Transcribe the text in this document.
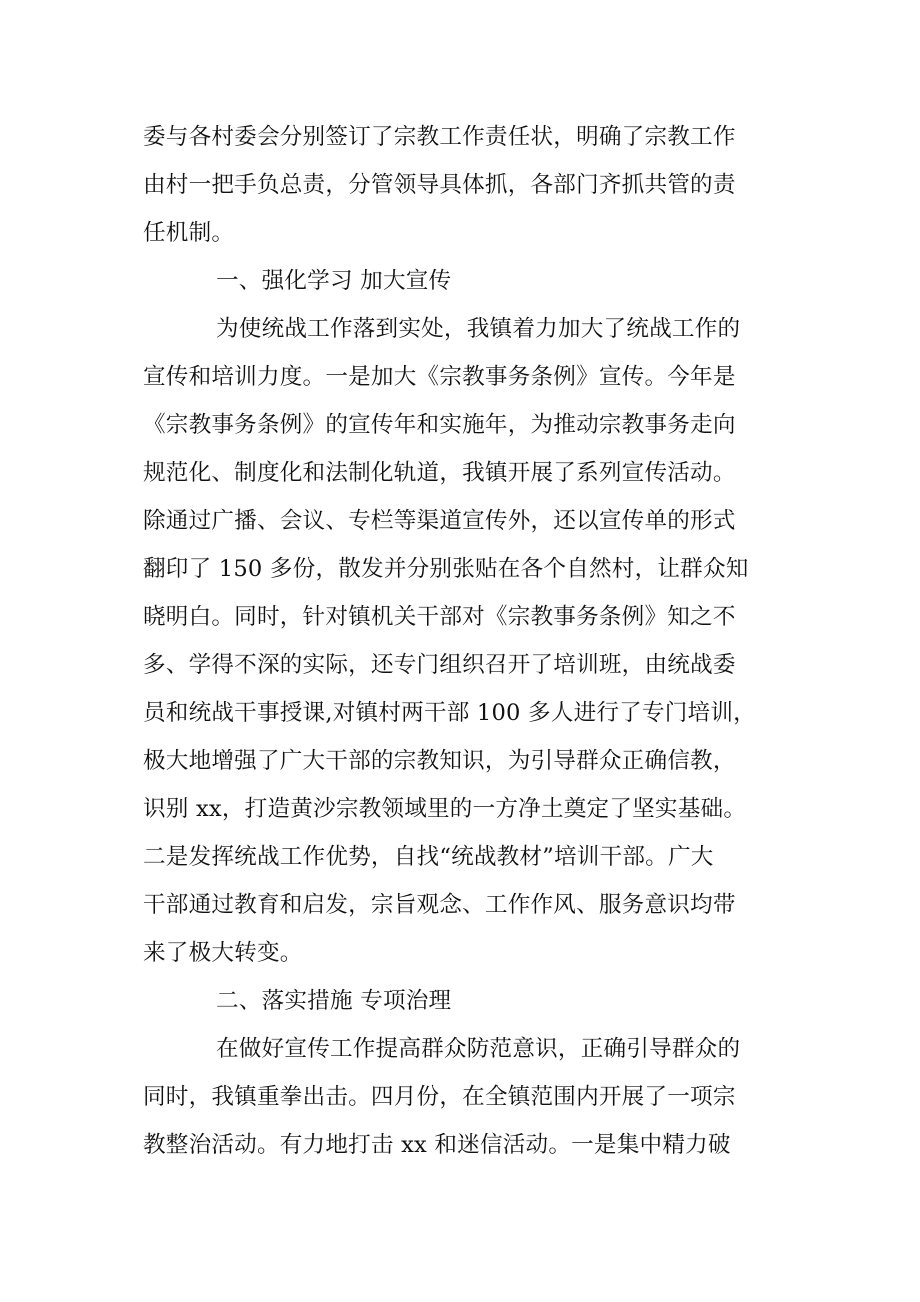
委与各村委会分别签订了宗教工作责任状，明确了宗教工作
由村一把手负总责，分管领导具体抓，各部门齐抓共管的责
任机制。
一、强化学习 加大宣传
为使统战工作落到实处，我镇着力加大了统战工作的
宣传和培训力度。一是加大《宗教事务条例》宣传。今年是
《宗教事务条例》的宣传年和实施年，为推动宗教事务走向
规范化、制度化和法制化轨道，我镇开展了系列宣传活动。
除通过广播、会议、专栏等渠道宣传外，还以宣传单的形式
翻印了 150 多份，散发并分别张贴在各个自然村，让群众知
晓明白。同时，针对镇机关干部对《宗教事务条例》知之不
多、学得不深的实际，还专门组织召开了培训班，由统战委
员和统战干事授课,对镇村两干部 100 多人进行了专门培训，
极大地增强了广大干部的宗教知识，为引导群众正确信教，
识别 xx，打造黄沙宗教领域里的一方净土奠定了坚实基础。
二是发挥统战工作优势，自找“统战教材”培训干部。广大
干部通过教育和启发，宗旨观念、工作作风、服务意识均带
来了极大转变。
二、落实措施 专项治理
在做好宣传工作提高群众防范意识，正确引导群众的
同时，我镇重拳出击。四月份，在全镇范围内开展了一项宗
教整治活动。有力地打击 xx 和迷信活动。一是集中精力破
